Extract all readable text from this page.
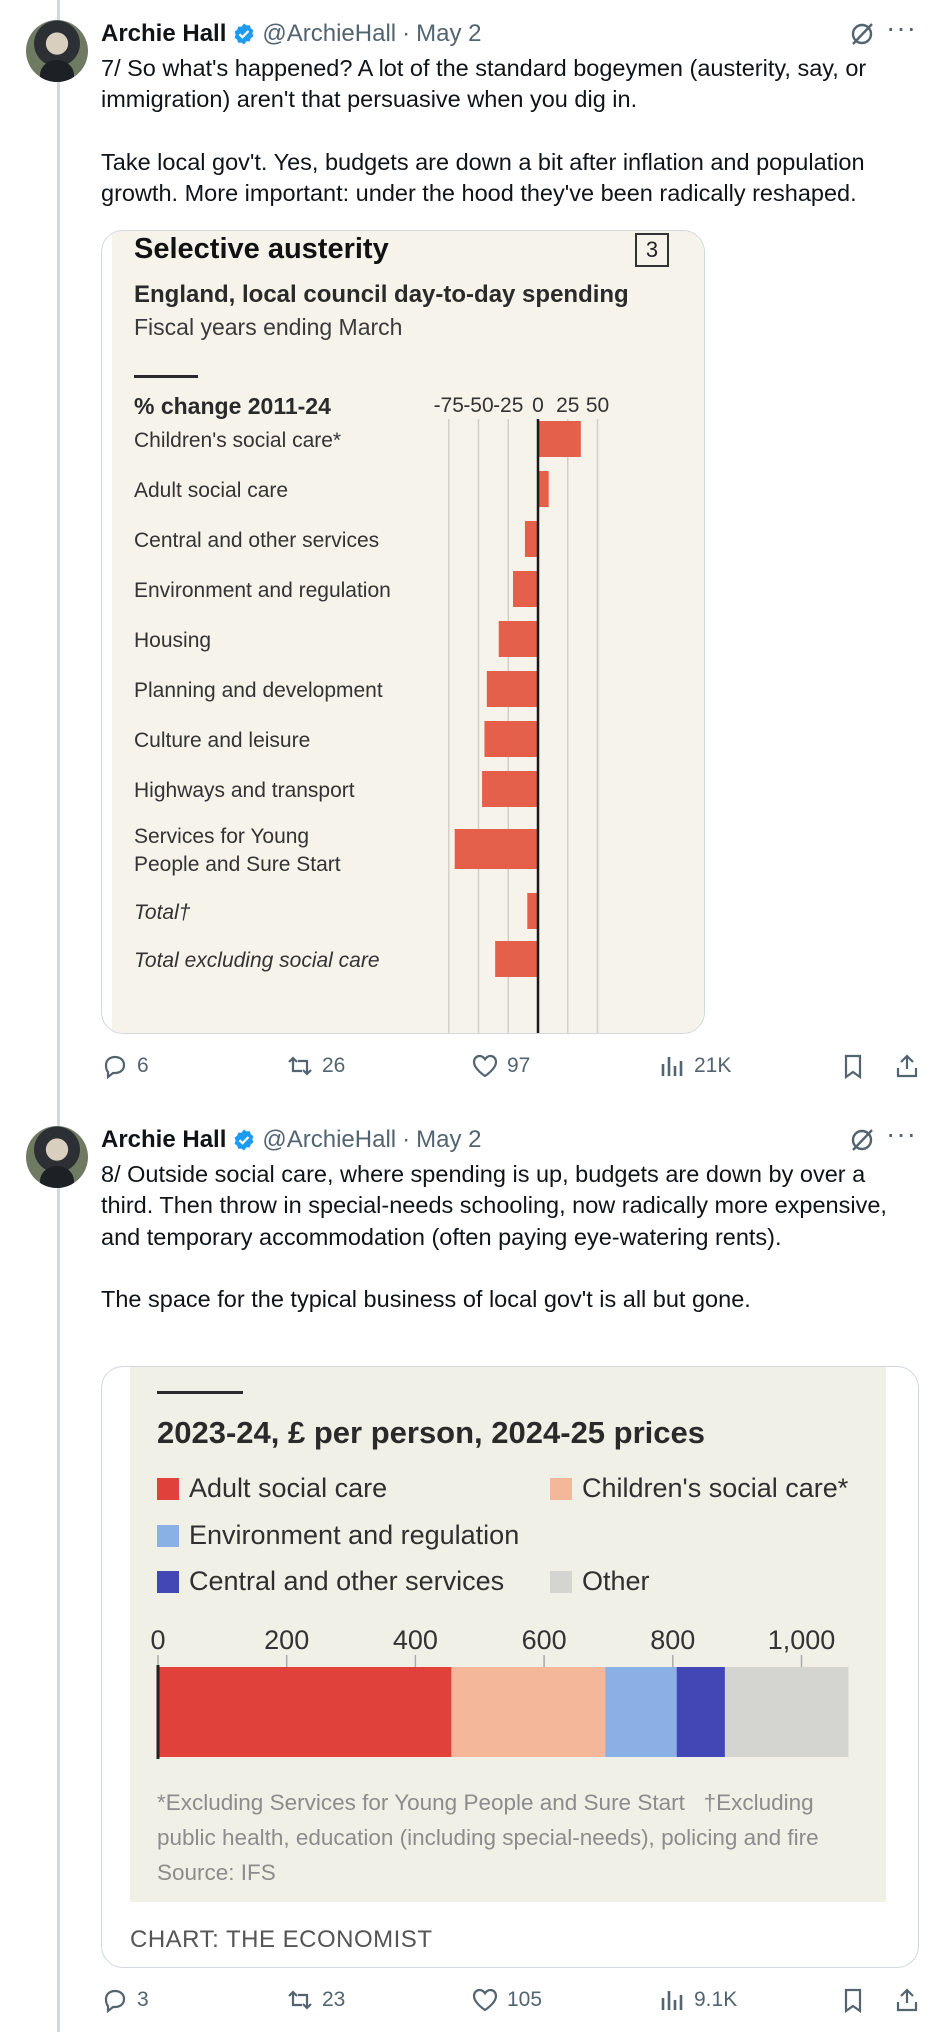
Archie Hall @ArchieHall · May 2	···
7/ So what's happened? A lot of the standard bogeymen (austerity, say, or immigration) aren't that persuasive when you dig in.

Take local gov't. Yes, budgets are down a bit after inflation and population growth. More important: under the hood they've been radically reshaped.
Selective austerity	3
England, local council day-to-day spending
Fiscal years ending March
% change 2011-24	-75 -50 -25 0 25 50
Children's social care*
Adult social care
Central and other services
Environment and regulation
Housing
Planning and development
Culture and leisure
Highways and transport
Services for Young People and Sure Start
Total†
Total excluding social care
6	26	97	21K
Archie Hall @ArchieHall · May 2	···
8/ Outside social care, where spending is up, budgets are down by over a third. Then throw in special-needs schooling, now radically more expensive, and temporary accommodation (often paying eye-watering rents).

The space for the typical business of local gov't is all but gone.
2023-24, £ per person, 2024-25 prices
Adult social care	Children's social care*
Environment and regulation
Central and other services	Other
0	200	400	600	800	1,000
*Excluding Services for Young People and Sure Start   †Excluding public health, education (including special-needs), policing and fire
Source: IFS
CHART: THE ECONOMIST
3	23	105	9.1K
